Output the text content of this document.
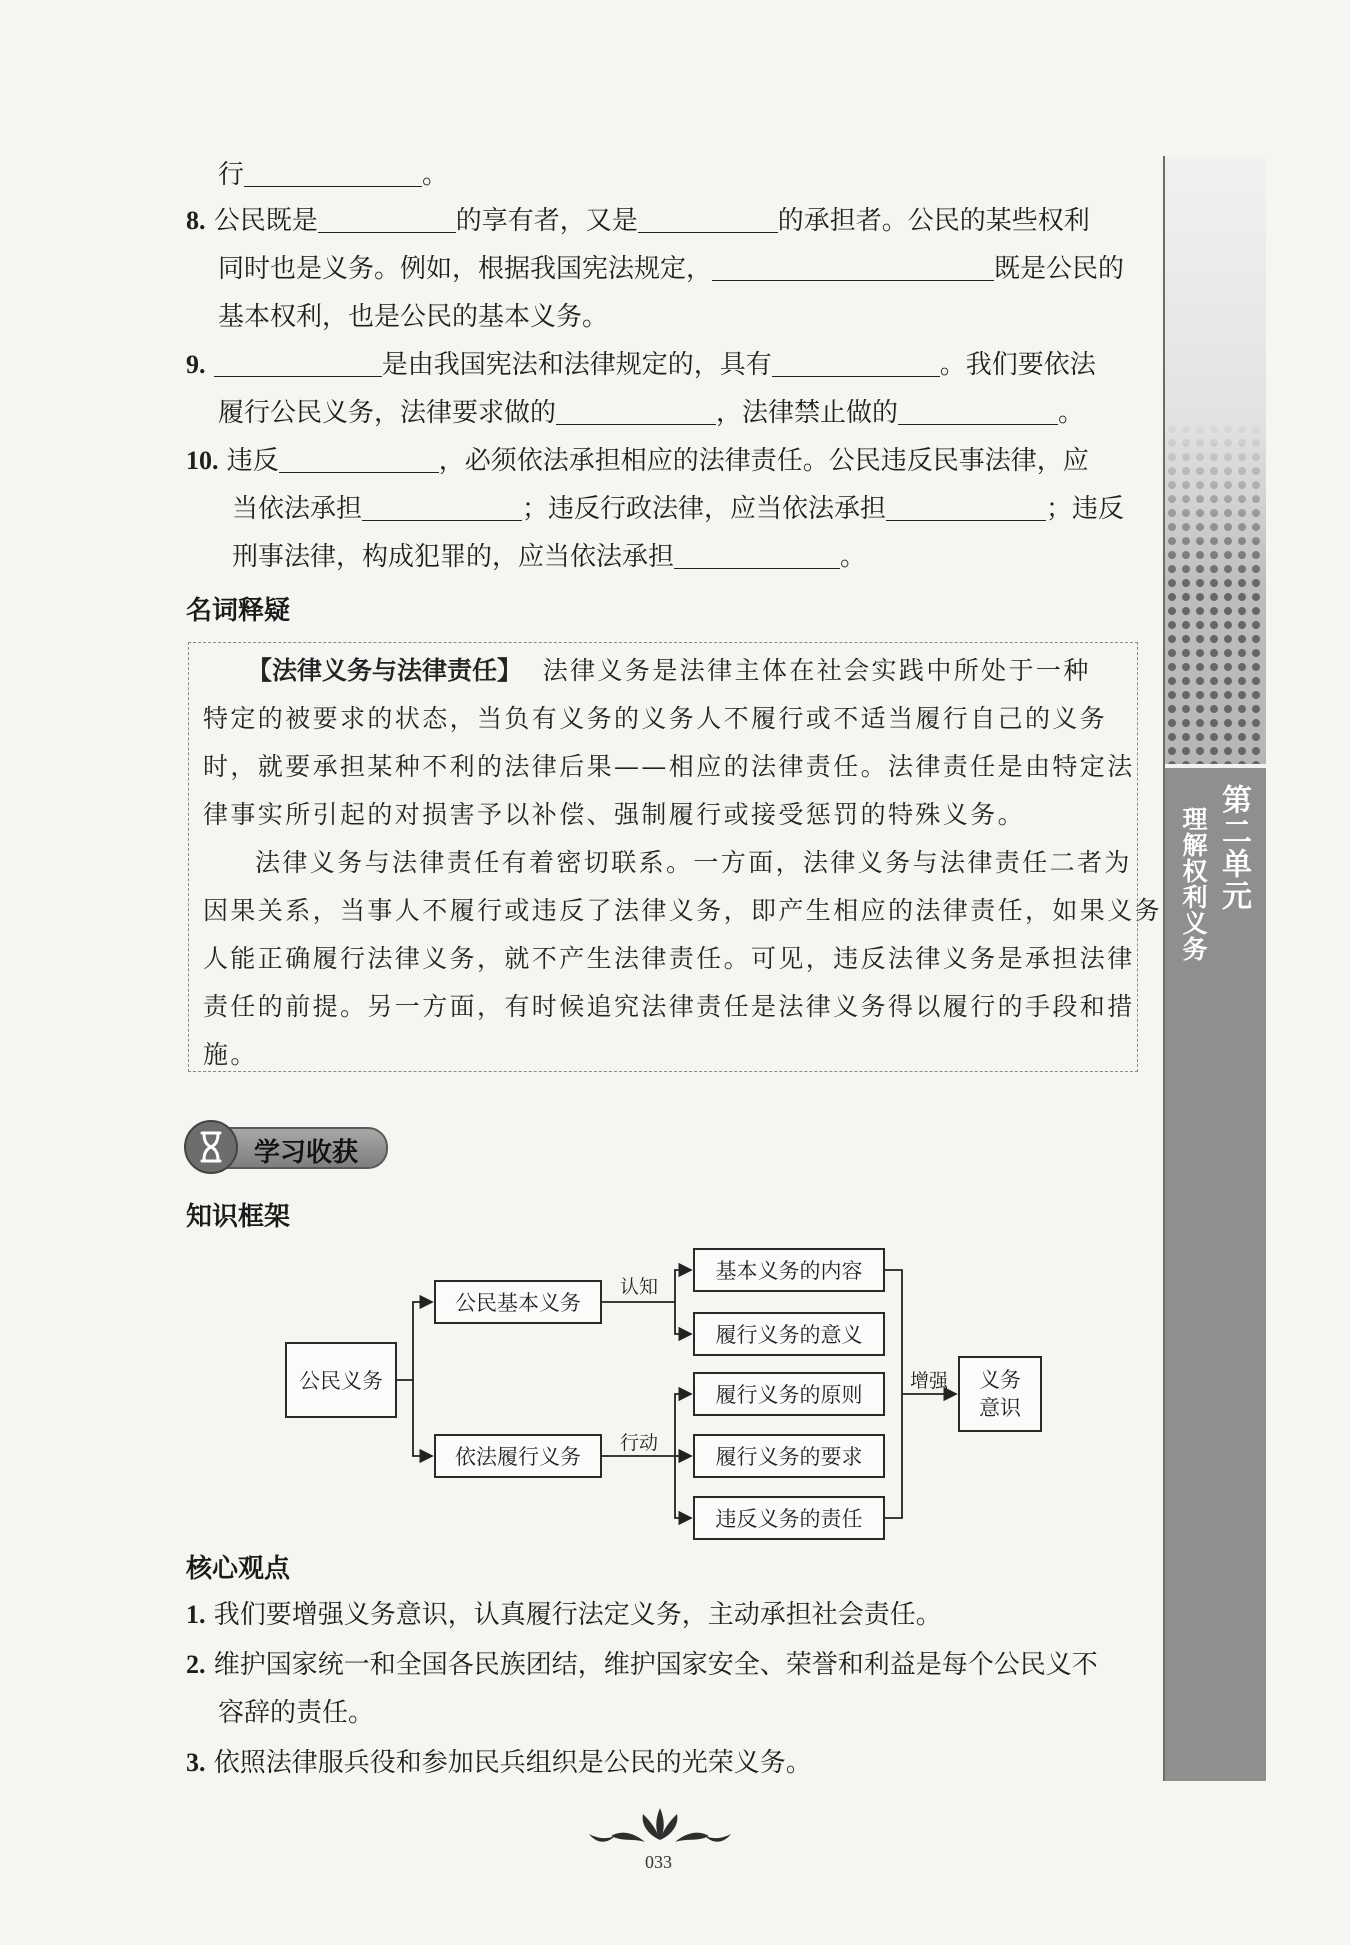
第二单元
理解权利义务
行	。
8. 公民既是	的享有者，又是	的承担者。公民的某些权利
同时也是义务。例如，根据我国宪法规定，	既是公民的
基本权利，也是公民的基本义务。
9.	是由我国宪法和法律规定的，具有	。我们要依法
履行公民义务，法律要求做的	，法律禁止做的	。
10. 违反	，必须依法承担相应的法律责任。公民违反民事法律，应
当依法承担	；违反行政法律，应当依法承担	；违反
刑事法律，构成犯罪的，应当依法承担	。
名词释疑
【法律义务与法律责任】 法律义务是法律主体在社会实践中所处于一种
特定的被要求的状态，当负有义务的义务人不履行或不适当履行自己的义务
时，就要承担某种不利的法律后果——相应的法律责任。法律责任是由特定法
律事实所引起的对损害予以补偿、强制履行或接受惩罚的特殊义务。
法律义务与法律责任有着密切联系。一方面，法律义务与法律责任二者为
因果关系，当事人不履行或违反了法律义务，即产生相应的法律责任，如果义务
人能正确履行法律义务，就不产生法律责任。可见，违反法律义务是承担法律
责任的前提。另一方面，有时候追究法律责任是法律义务得以履行的手段和措
施。
学习收获
知识框架
公民义务
公民基本义务
依法履行义务
认知
行动
增强
基本义务的内容
履行义务的意义
履行义务的原则
履行义务的要求
违反义务的责任
义务
意识
核心观点
1. 我们要增强义务意识，认真履行法定义务，主动承担社会责任。
2. 维护国家统一和全国各民族团结，维护国家安全、荣誉和利益是每个公民义不
容辞的责任。
3. 依照法律服兵役和参加民兵组织是公民的光荣义务。
033
